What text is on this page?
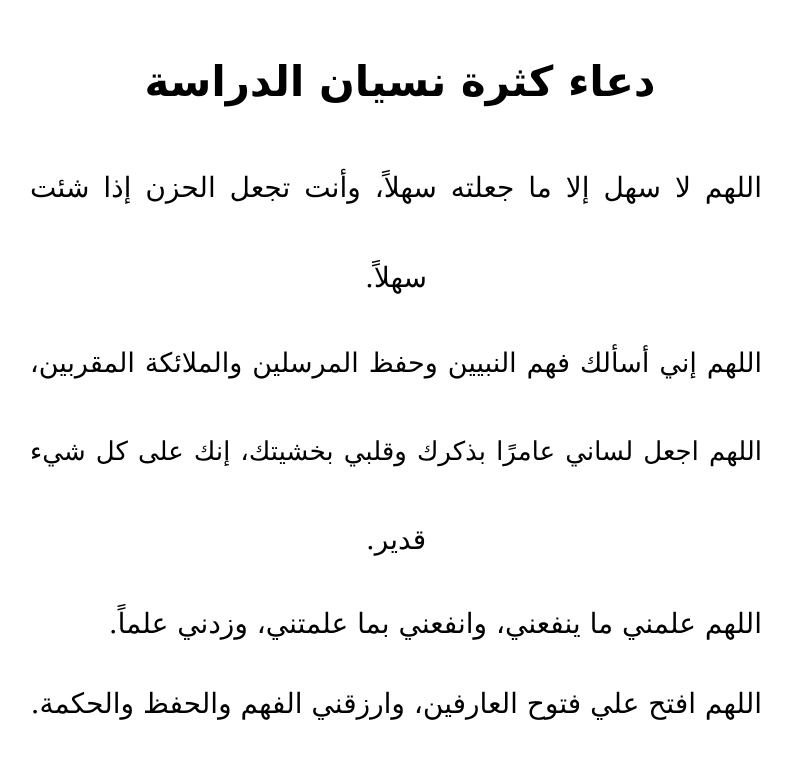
دعاء كثرة نسيان الدراسة
اللهم لا سهل إلا ما جعلته سهلاً، وأنت تجعل الحزن إذا شئت
سهلاً.
اللهم إني أسألك فهم النبيين وحفظ المرسلين والملائكة المقربين،
اللهم اجعل لساني عامرًا بذكرك وقلبي بخشيتك، إنك على كل شيء
قدير.
اللهم علمني ما ينفعني، وانفعني بما علمتني، وزدني علماً.
اللهم افتح علي فتوح العارفين، وارزقني الفهم والحفظ والحكمة.
